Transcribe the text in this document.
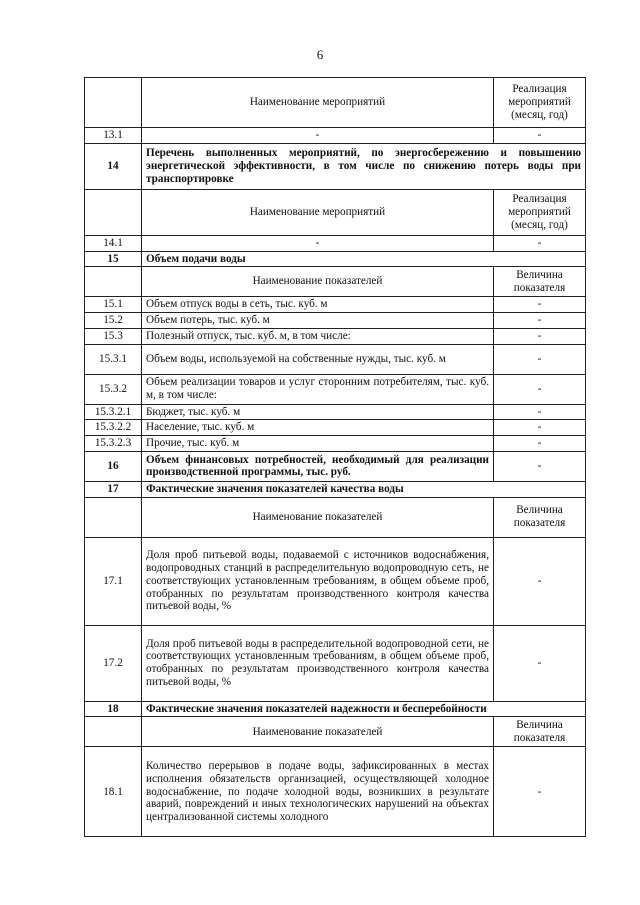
6
	Наименование мероприятий	Реализация мероприятий (месяц, год)
13.1	-	-
14	Перечень выполненных мероприятий, по энергосбережению и повышению энергетической эффективности, в том числе по снижению потерь воды при транспортировке	
	Наименование мероприятий	Реализация мероприятий (месяц, год)
14.1	-	-
15	Объем подачи воды	
	Наименование показателей	Величина показателя
15.1	Объем отпуск воды в сеть, тыс. куб. м	-
15.2	Объем потерь, тыс. куб. м	-
15.3	Полезный отпуск, тыс. куб. м, в том числе:	-
15.3.1	Объем воды, используемой на собственные нужды, тыс. куб. м	-
15.3.2	Объем реализации товаров и услуг сторонним потребителям, тыс. куб. м, в том числе:	-
15.3.2.1	Бюджет, тыс. куб. м	-
15.3.2.2	Население, тыс. куб. м	-
15.3.2.3	Прочие, тыс. куб. м	-
16	Объем финансовых потребностей, необходимый для реализации производственной программы, тыс. руб.	-
17	Фактические значения показателей качества воды	
	Наименование показателей	Величина показателя
17.1	Доля проб питьевой воды, подаваемой с источников водоснабжения, водопроводных станций в распределительную водопроводную сеть, не соответствующих установленным требованиям, в общем объеме проб, отобранных по результатам производственного контроля качества питьевой воды, %	-
17.2	Доля проб питьевой воды в распределительной водопроводной сети, не соответствующих установленным требованиям, в общем объеме проб, отобранных по результатам производственного контроля качества питьевой воды, %	-
18	Фактические значения показателей надежности и бесперебойности	
	Наименование показателей	Величина показателя
18.1	Количество перерывов в подаче воды, зафиксированных в местах исполнения обязательств организацией, осуществляющей холодное водоснабжение, по подаче холодной воды, возникших в результате аварий, повреждений и иных технологических нарушений на объектах централизованной системы холодного	-
